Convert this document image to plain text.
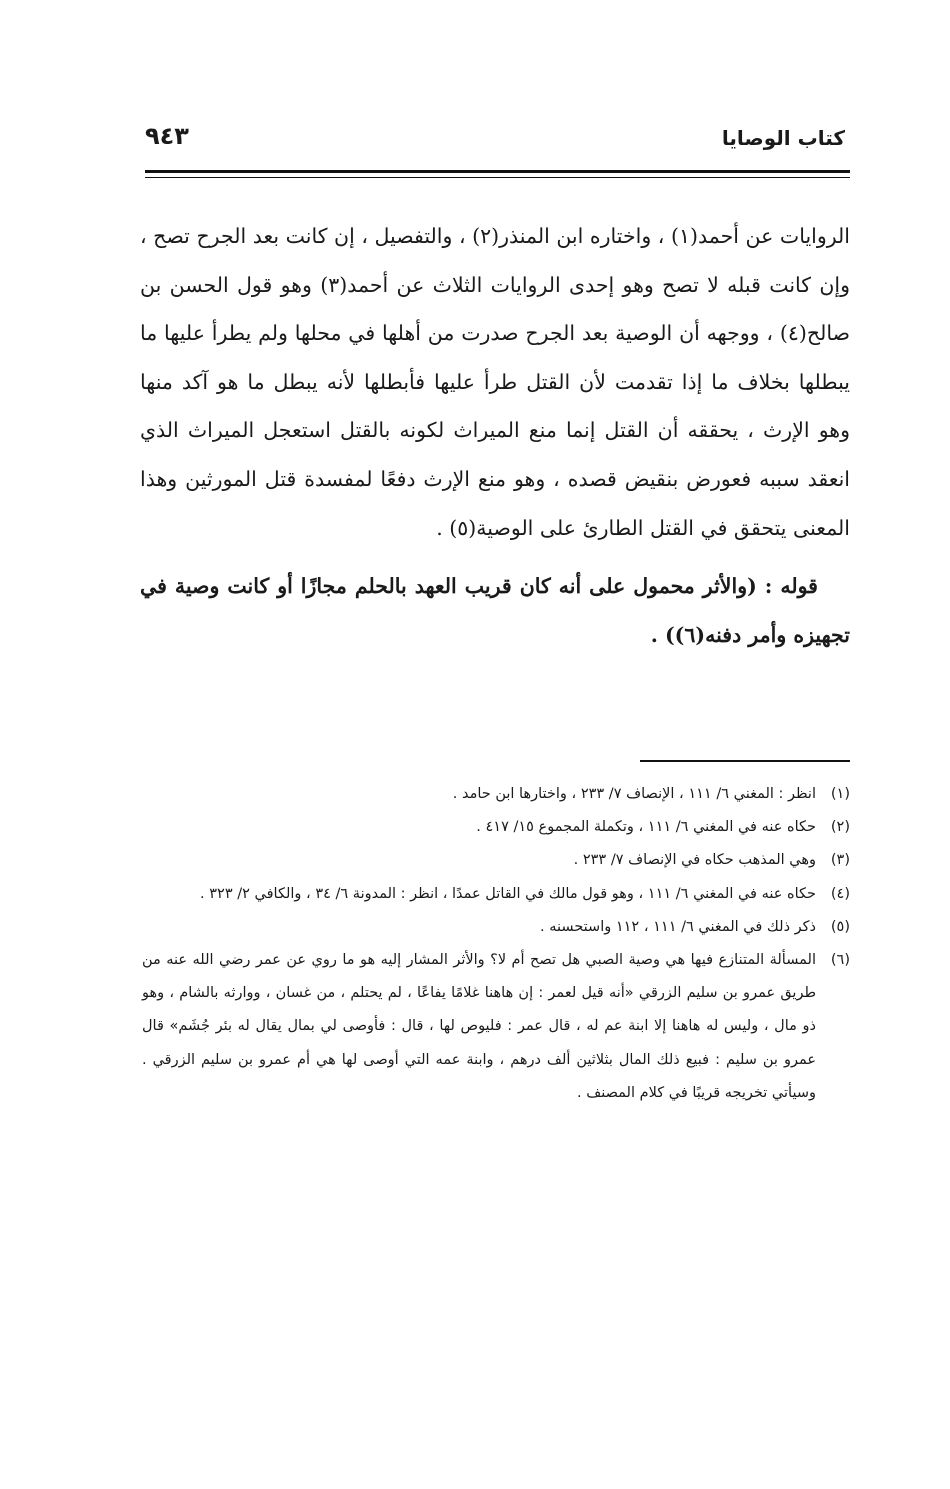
كتاب الوصايا
٩٤٣

الروايات عن أحمد(١) ، واختاره ابن المنذر(٢) ، والتفصيل ، إن كانت بعد الجرح تصح ، وإن كانت قبله لا تصح وهو إحدى الروايات الثلاث عن أحمد(٣) وهو قول الحسن بن صالح(٤) ، ووجهه أن الوصية بعد الجرح صدرت من أهلها في محلها ولم يطرأ عليها ما يبطلها بخلاف ما إذا تقدمت لأن القتل طرأ عليها فأبطلها لأنه يبطل ما هو آكد منها وهو الإرث ، يحققه أن القتل إنما منع الميراث لكونه بالقتل استعجل الميراث الذي انعقد سببه فعورض بنقيض قصده ، وهو منع الإرث دفعًا لمفسدة قتل المورثين وهذا المعنى يتحقق في القتل الطارئ على الوصية(٥) .

قوله : (والأثر محمول على أنه كان قريب العهد بالحلم مجازًا أو كانت وصية في تجهيزه وأمر دفنه(٦)) .

(١)
انظر : المغني ٦/ ١١١ ، الإنصاف ٧/ ٢٣٣ ، واختارها ابن حامد .
(٢)
حكاه عنه في المغني ٦/ ١١١ ، وتكملة المجموع ١٥/ ٤١٧ .
(٣)
وهي المذهب حكاه في الإنصاف ٧/ ٢٣٣ .
(٤)
حكاه عنه في المغني ٦/ ١١١ ، وهو قول مالك في القاتل عمدًا ، انظر : المدونة ٦/ ٣٤ ، والكافي ٢/ ٣٢٣ .
(٥)
ذكر ذلك في المغني ٦/ ١١١ ، ١١٢ واستحسنه .
(٦)
المسألة المتنازع فيها هي وصية الصبي هل تصح أم لا؟ والأثر المشار إليه هو ما روي عن عمر رضي الله عنه من طريق عمرو بن سليم الزرقي «أنه قيل لعمر : إن هاهنا غلامًا يفاعًا ، لم يحتلم ، من غسان ، ووارثه بالشام ، وهو ذو مال ، وليس له هاهنا إلا ابنة عم له ، قال عمر : فليوص لها ، قال : فأوصى لي بمال يقال له بئر جُشَم» قال عمرو بن سليم : فبيع ذلك المال بثلاثين ألف درهم ، وابنة عمه التي أوصى لها هي أم عمرو بن سليم الزرقي . وسيأتي تخريجه قريبًا في كلام المصنف .
